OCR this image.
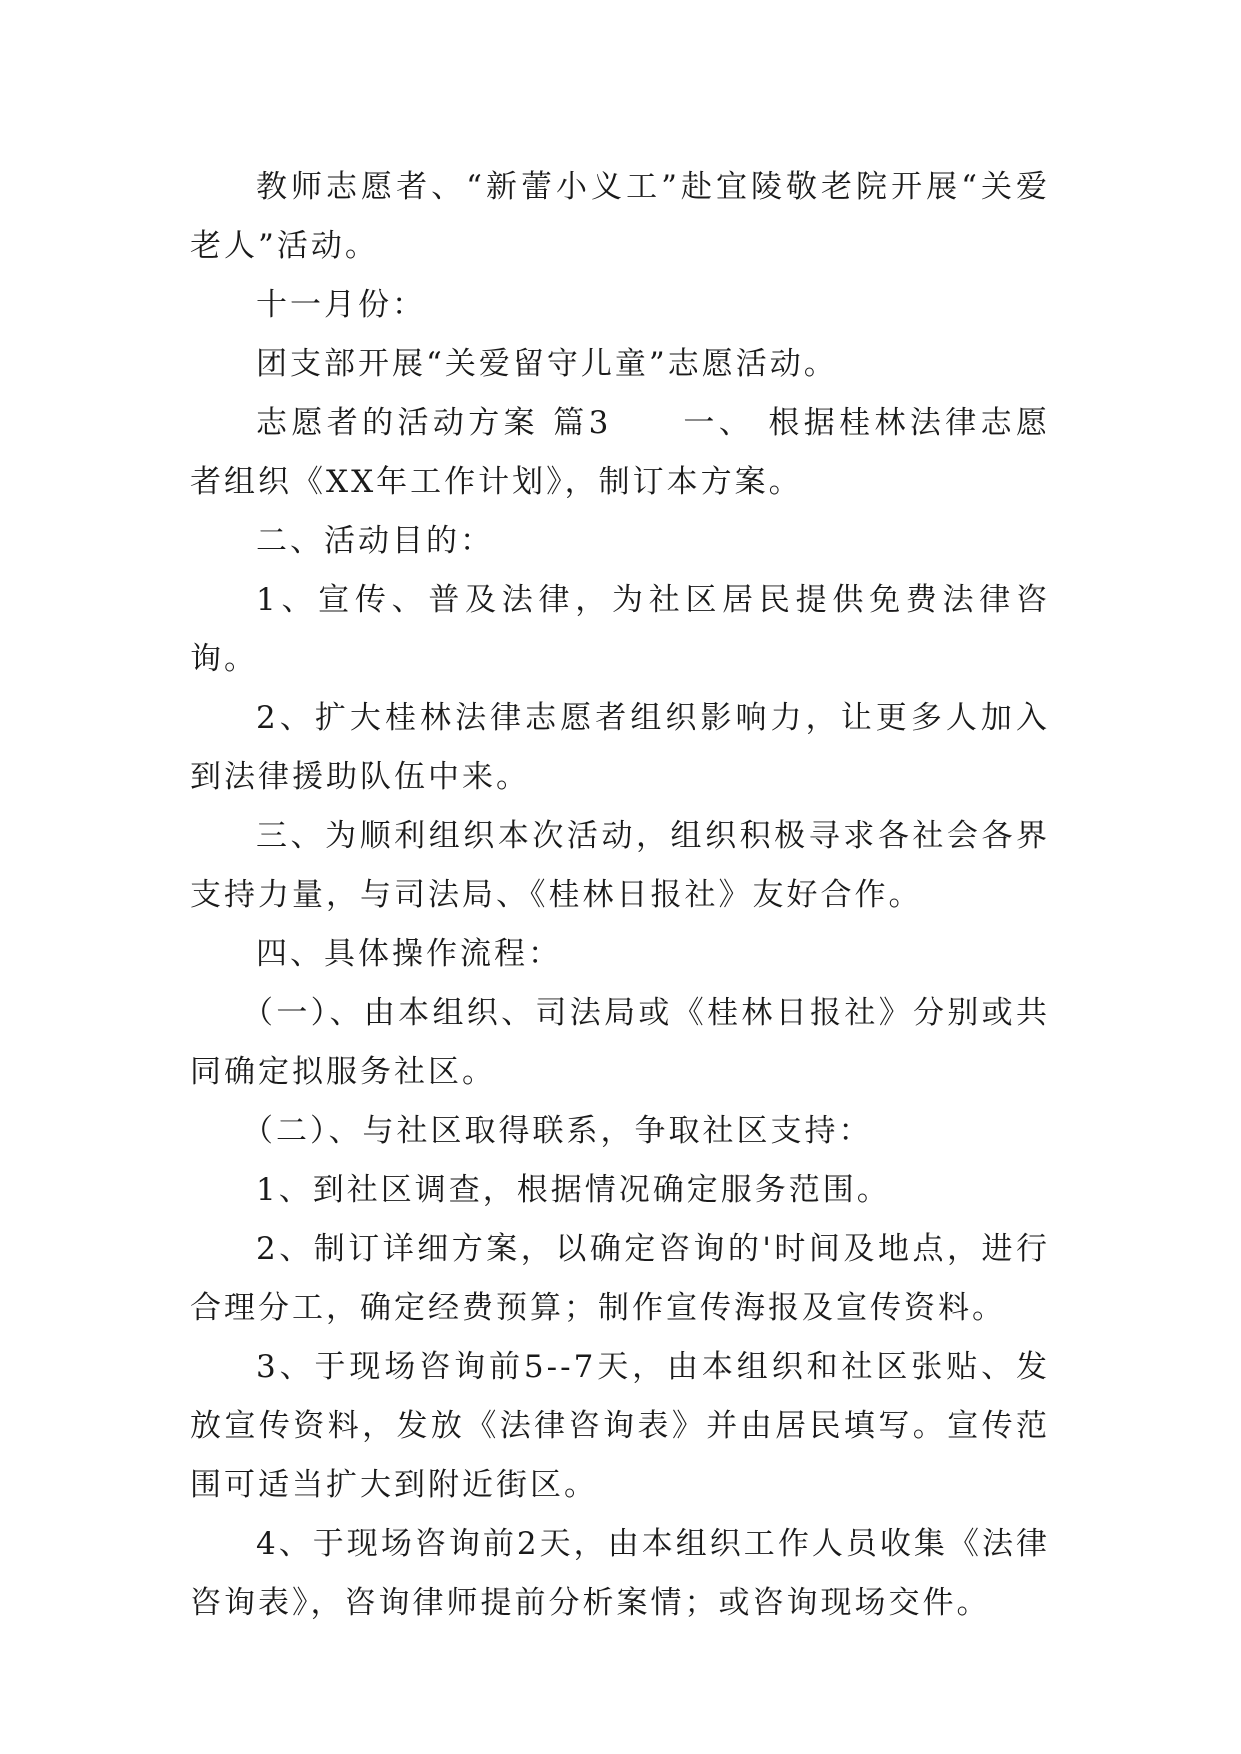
教师志愿者、“新蕾小义工”赴宜陵敬老院开展“关爱老人”活动。

十一月份：

团支部开展“关爱留守儿童”志愿活动。

志愿者的活动方案 篇3　　一、 根据桂林法律志愿者组织《XX年工作计划》，制订本方案。

二、活动目的：

1、宣传、普及法律，为社区居民提供免费法律咨询。

2、扩大桂林法律志愿者组织影响力，让更多人加入到法律援助队伍中来。

三、为顺利组织本次活动，组织积极寻求各社会各界支持力量，与司法局、《桂林日报社》友好合作。

四、具体操作流程：

（一）、由本组织、司法局或《桂林日报社》分别或共同确定拟服务社区。

（二）、与社区取得联系，争取社区支持：

1、到社区调查，根据情况确定服务范围。

2、制订详细方案，以确定咨询的'时间及地点，进行合理分工，确定经费预算；制作宣传海报及宣传资料。

3、于现场咨询前5--7天，由本组织和社区张贴、发放宣传资料，发放《法律咨询表》并由居民填写。宣传范围可适当扩大到附近街区。

4、于现场咨询前2天，由本组织工作人员收集《法律咨询表》，咨询律师提前分析案情；或咨询现场交件。
